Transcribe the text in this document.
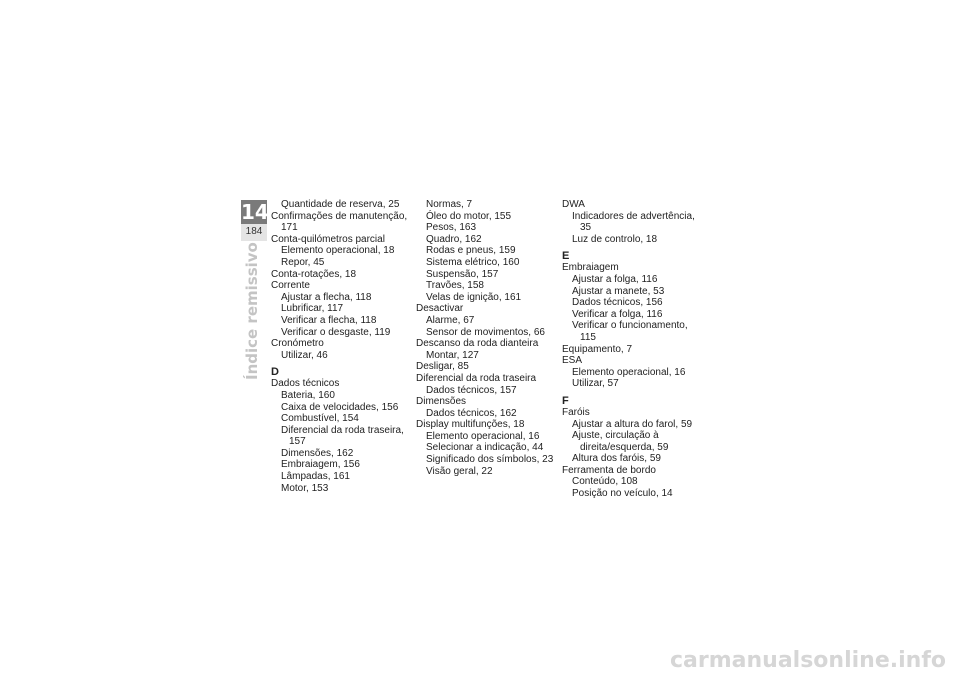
14
184
Índice remissivo
Quantidade de reserva, 25
Confirmações de manutenção, 171
Conta-quilómetros parcial
Elemento operacional, 18
Repor, 45
Conta-rotações, 18
Corrente
Ajustar a flecha, 118
Lubrificar, 117
Verificar a flecha, 118
Verificar o desgaste, 119
Cronómetro
Utilizar, 46
D
Dados técnicos
Bateria, 160
Caixa de velocidades, 156
Combustível, 154
Diferencial da roda traseira, 157
Dimensões, 162
Embraiagem, 156
Lâmpadas, 161
Motor, 153
Normas, 7
Óleo do motor, 155
Pesos, 163
Quadro, 162
Rodas e pneus, 159
Sistema elétrico, 160
Suspensão, 157
Travões, 158
Velas de ignição, 161
Desactivar
Alarme, 67
Sensor de movimentos, 66
Descanso da roda dianteira
Montar, 127
Desligar, 85
Diferencial da roda traseira
Dados técnicos, 157
Dimensões
Dados técnicos, 162
Display multifunções, 18
Elemento operacional, 16
Selecionar a indicação, 44
Significado dos símbolos, 23
Visão geral, 22
DWA
Indicadores de advertência, 35
Luz de controlo, 18
E
Embraiagem
Ajustar a folga, 116
Ajustar a manete, 53
Dados técnicos, 156
Verificar a folga, 116
Verificar o funcionamento, 115
Equipamento, 7
ESA
Elemento operacional, 16
Utilizar, 57
F
Faróis
Ajustar a altura do farol, 59
Ajuste, circulação à direita/esquerda, 59
Altura dos faróis, 59
Ferramenta de bordo
Conteúdo, 108
Posição no veículo, 14
carmanualsonline.info
